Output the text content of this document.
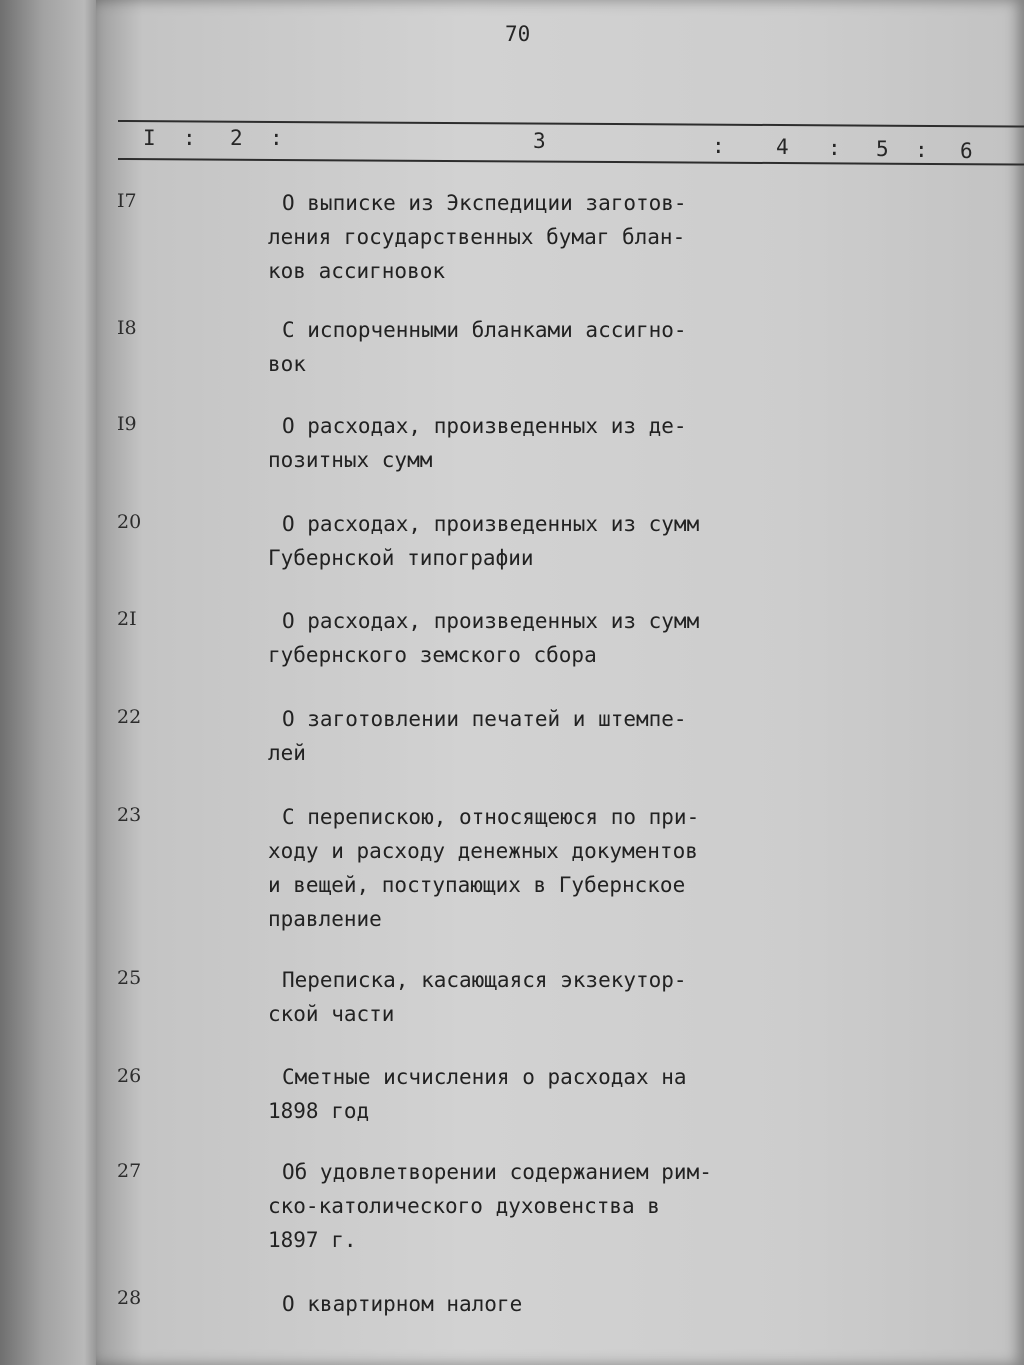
70
I : 2 :	3	: 4 : 5 : 6
I7	О выписке из Экспедиции заготов-
ления государственных бумаг блан-
ков ассигновок
I8	С испорченными бланками ассигно-
вок
I9	О расходах, произведенных из де-
позитных сумм
20	О расходах, произведенных из сумм
Губернской типографии
2I	О расходах, произведенных из сумм
губернского земского сбора
22	О заготовлении печатей и штемпе-
лей
23	С перепискою, относящеюся по при-
ходу и расходу денежных документов
и вещей, поступающих в Губернское
правление
25	Переписка, касающаяся экзекутор-
ской части
26	Сметные исчисления о расходах на
1898 год
27	Об удовлетворении содержанием рим-
ско-католического духовенства в
1897 г.
28	О квартирном налоге
